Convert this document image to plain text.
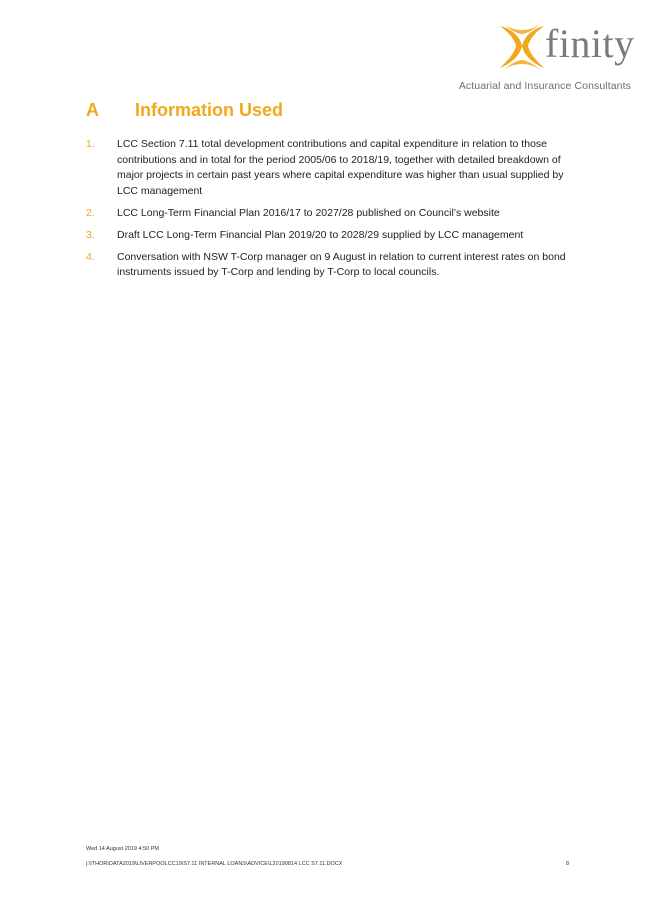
finity
Actuarial and Insurance Consultants
A Information Used
1. LCC Section 7.11 total development contributions and capital expenditure in relation to those contributions and in total for the period 2005/06 to 2018/19, together with detailed breakdown of major projects in certain past years where capital expenditure was higher than usual supplied by LCC management
2. LCC Long-Term Financial Plan 2016/17 to 2027/28 published on Council’s website
3. Draft LCC Long-Term Financial Plan 2019/20 to 2028/29 supplied by LCC management
4. Conversation with NSW T-Corp manager on 9 August in relation to current interest rates on bond instruments issued by T-Corp and lending by T-Corp to local councils.
Wed 14 August 2019 4:50 PM
j:\ITHOR\DATA2019\LIVERPOOLCC19\S7.11 INTERNAL LOANS\ADVICE\L20190814 LCC S7.11.DOCX	8
